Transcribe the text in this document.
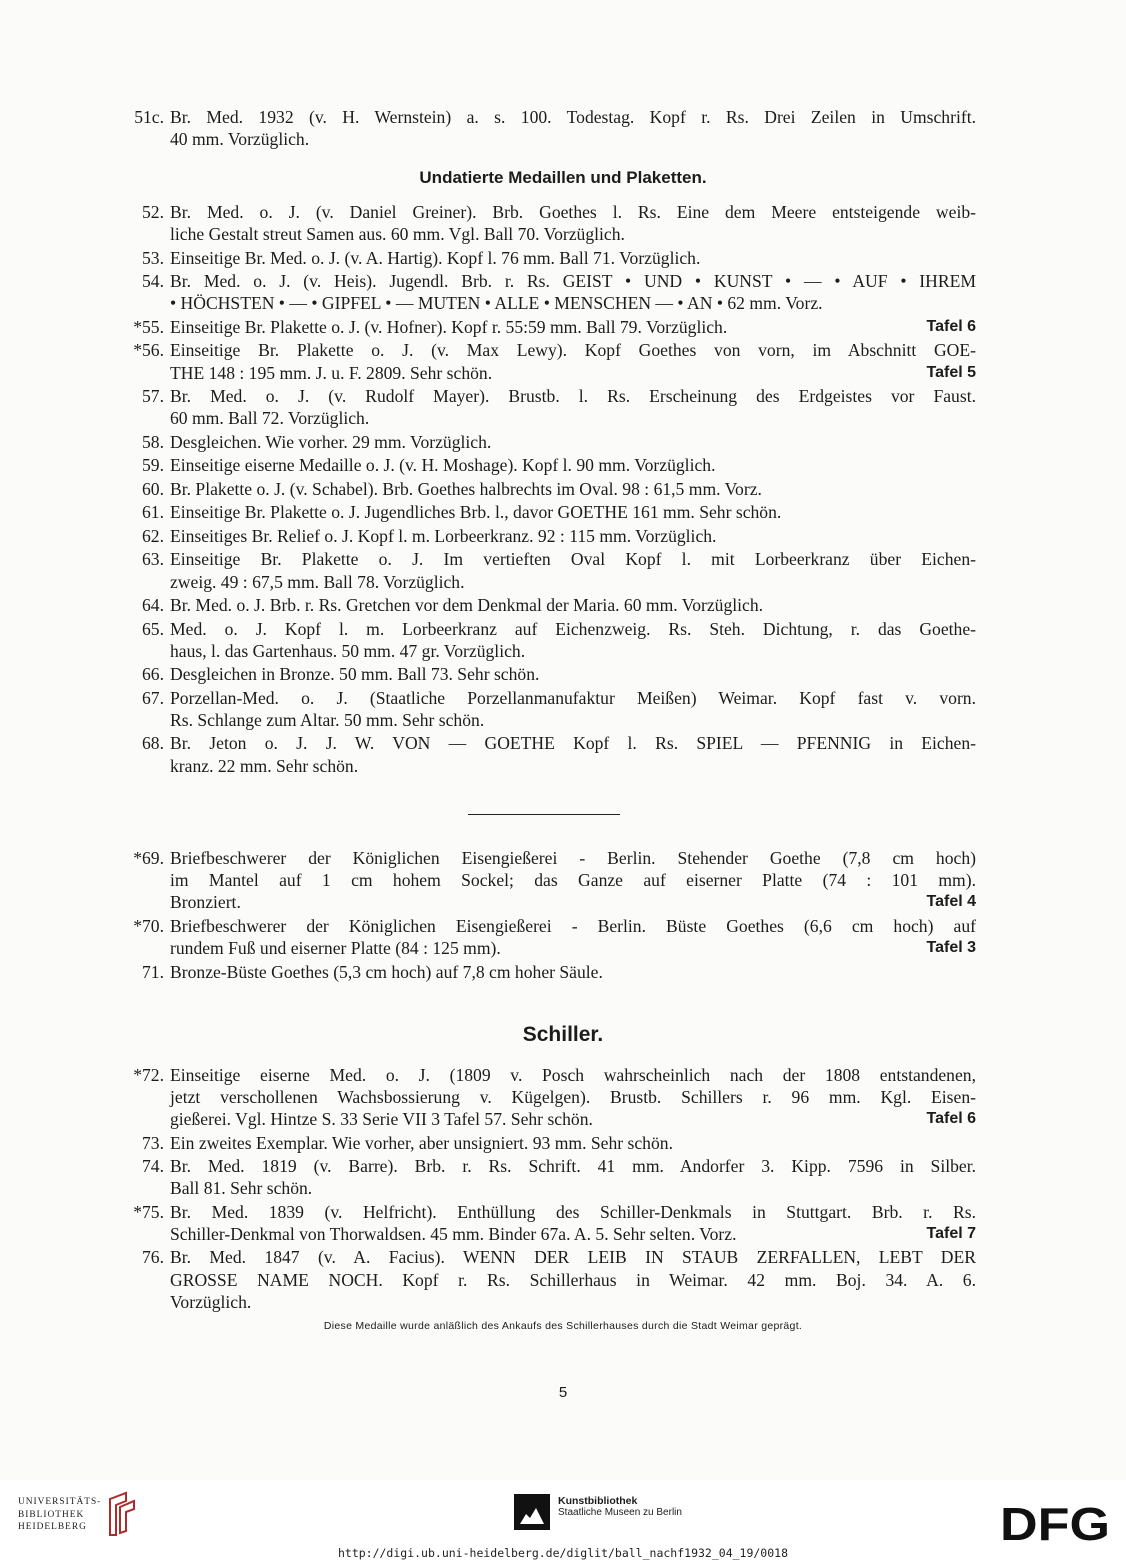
51c. Br. Med. 1932 (v. H. Wernstein) a. s. 100. Todestag. Kopf r. Rs. Drei Zeilen in Umschrift.
40 mm. Vorzüglich.
Undatierte Medaillen und Plaketten.
52. Br. Med. o. J. (v. Daniel Greiner). Brb. Goethes l. Rs. Eine dem Meere entsteigende weib-
liche Gestalt streut Samen aus. 60 mm. Vgl. Ball 70. Vorzüglich.
53. Einseitige Br. Med. o. J. (v. A. Hartig). Kopf l. 76 mm. Ball 71. Vorzüglich.
54. Br. Med. o. J. (v. Heis). Jugendl. Brb. r. Rs. GEIST • UND • KUNST • — • AUF • IHREM
• HÖCHSTEN • — • GIPFEL • — MUTEN • ALLE • MENSCHEN — • AN • 62 mm. Vorz.
*55.	Tafel 6
Einseitige Br. Plakette o. J. (v. Hofner). Kopf r. 55:59 mm. Ball 79. Vorzüglich.
*56. Einseitige Br. Plakette o. J. (v. Max Lewy). Kopf Goethes von vorn, im Abschnitt GOE-
Tafel 5
THE 148 : 195 mm. J. u. F. 2809. Sehr schön.
57. Br. Med. o. J. (v. Rudolf Mayer). Brustb. l. Rs. Erscheinung des Erdgeistes vor Faust.
60 mm. Ball 72. Vorzüglich.
58. Desgleichen. Wie vorher. 29 mm. Vorzüglich.
59. Einseitige eiserne Medaille o. J. (v. H. Moshage). Kopf l. 90 mm. Vorzüglich.
60. Br. Plakette o. J. (v. Schabel). Brb. Goethes halbrechts im Oval. 98 : 61,5 mm. Vorz.
61. Einseitige Br. Plakette o. J. Jugendliches Brb. l., davor GOETHE 161 mm. Sehr schön.
62. Einseitiges Br. Relief o. J. Kopf l. m. Lorbeerkranz. 92 : 115 mm. Vorzüglich.
63. Einseitige Br. Plakette o. J. Im vertieften Oval Kopf l. mit Lorbeerkranz über Eichen-
zweig. 49 : 67,5 mm. Ball 78. Vorzüglich.
64. Br. Med. o. J. Brb. r. Rs. Gretchen vor dem Denkmal der Maria. 60 mm. Vorzüglich.
65. Med. o. J. Kopf l. m. Lorbeerkranz auf Eichenzweig. Rs. Steh. Dichtung, r. das Goethe-
haus, l. das Gartenhaus. 50 mm. 47 gr. Vorzüglich.
66. Desgleichen in Bronze. 50 mm. Ball 73. Sehr schön.
67. Porzellan-Med. o. J. (Staatliche Porzellanmanufaktur Meißen) Weimar. Kopf fast v. vorn.
Rs. Schlange zum Altar. 50 mm. Sehr schön.
68. Br. Jeton o. J. J. W. VON — GOETHE Kopf l. Rs. SPIEL — PFENNIG in Eichen-
kranz. 22 mm. Sehr schön.
*69. Briefbeschwerer der Königlichen Eisengießerei - Berlin. Stehender Goethe (7,8 cm hoch)
im Mantel auf 1 cm hohem Sockel; das Ganze auf eiserner Platte (74 : 101 mm).
Tafel 4
Bronziert.
*70. Briefbeschwerer der Königlichen Eisengießerei - Berlin. Büste Goethes (6,6 cm hoch) auf
Tafel 3
rundem Fuß und eiserner Platte (84 : 125 mm).
71. Bronze-Büste Goethes (5,3 cm hoch) auf 7,8 cm hoher Säule.
Schiller.
*72. Einseitige eiserne Med. o. J. (1809 v. Posch wahrscheinlich nach der 1808 entstandenen,
jetzt verschollenen Wachsbossierung v. Kügelgen). Brustb. Schillers r. 96 mm. Kgl. Eisen-
Tafel 6
gießerei. Vgl. Hintze S. 33 Serie VII 3 Tafel 57. Sehr schön.
73. Ein zweites Exemplar. Wie vorher, aber unsigniert. 93 mm. Sehr schön.
74. Br. Med. 1819 (v. Barre). Brb. r. Rs. Schrift. 41 mm. Andorfer 3. Kipp. 7596 in Silber.
Ball 81. Sehr schön.
*75. Br. Med. 1839 (v. Helfricht). Enthüllung des Schiller-Denkmals in Stuttgart. Brb. r. Rs.
Tafel 7
Schiller-Denkmal von Thorwaldsen. 45 mm. Binder 67a. A. 5. Sehr selten. Vorz.
76. Br. Med. 1847 (v. A. Facius). WENN DER LEIB IN STAUB ZERFALLEN, LEBT DER
GROSSE NAME NOCH. Kopf r. Rs. Schillerhaus in Weimar. 42 mm. Boj. 34. A. 6.
Vorzüglich.
Diese Medaille wurde anläßlich des Ankaufs des Schillerhauses durch die Stadt Weimar geprägt.
5
UNIVERSITÄTS-
BIBLIOTHEK
HEIDELBERG
Kunstbibliothek
Staatliche Museen zu Berlin	DFG
http://digi.ub.uni-heidelberg.de/diglit/ball_nachf1932_04_19/0018
